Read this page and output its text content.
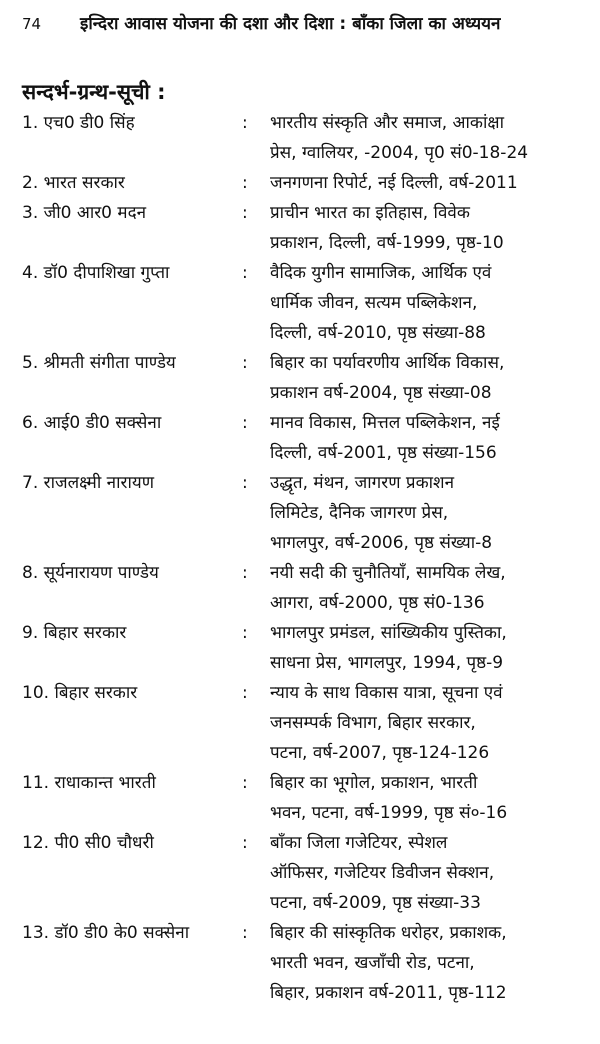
74	इन्दिरा आवास योजना की दशा और दिशा : बाँका जिला का अध्ययन
सन्दर्भ-ग्रन्थ-सूची :
1. एच0 डी0 सिंह	:	भारतीय संस्कृति और समाज, आकांक्षा
प्रेस, ग्वालियर, -2004, पृ0 सं0-18-24
2. भारत सरकार	:	जनगणना रिपोर्ट, नई दिल्ली, वर्ष-2011
3. जी0 आर0 मदन	:	प्राचीन भारत का इतिहास, विवेक
प्रकाशन, दिल्ली, वर्ष-1999, पृष्ठ-10
4. डॉ0 दीपाशिखा गुप्ता	:	वैदिक युगीन सामाजिक, आर्थिक एवं
धार्मिक जीवन, सत्यम पब्लिकेशन,
दिल्ली, वर्ष-2010, पृष्ठ संख्या-88
5. श्रीमती संगीता पाण्डेय	:	बिहार का पर्यावरणीय आर्थिक विकास,
प्रकाशन वर्ष-2004, पृष्ठ संख्या-08
6. आई0 डी0 सक्सेना	:	मानव विकास, मित्तल पब्लिकेशन, नई
दिल्ली, वर्ष-2001, पृष्ठ संख्या-156
7. राजलक्ष्मी नारायण	:	उद्धृत, मंथन, जागरण प्रकाशन
लिमिटेड, दैनिक जागरण प्रेस,
भागलपुर, वर्ष-2006, पृष्ठ संख्या-8
8. सूर्यनारायण पाण्डेय	:	नयी सदी की चुनौतियाँ, सामयिक लेख,
आगरा, वर्ष-2000, पृष्ठ सं0-136
9. बिहार सरकार	:	भागलपुर प्रमंडल, सांख्यिकीय पुस्तिका,
साधना प्रेस, भागलपुर, 1994, पृष्ठ-9
10. बिहार सरकार	:	न्याय के साथ विकास यात्रा, सूचना एवं
जनसम्पर्क विभाग, बिहार सरकार,
पटना, वर्ष-2007, पृष्ठ-124-126
11. राधाकान्त भारती	:	बिहार का भूगोल, प्रकाशन, भारती
भवन, पटना, वर्ष-1999, पृष्ठ सं०-16
12. पी0 सी0 चौधरी	:	बाँका जिला गजेटियर, स्पेशल
ऑफिसर, गजेटियर डिवीजन सेक्शन,
पटना, वर्ष-2009, पृष्ठ संख्या-33
13. डॉ0 डी0 के0 सक्सेना	:	बिहार की सांस्कृतिक धरोहर, प्रकाशक,
भारती भवन, खजाँची रोड, पटना,
बिहार, प्रकाशन वर्ष-2011, पृष्ठ-112
